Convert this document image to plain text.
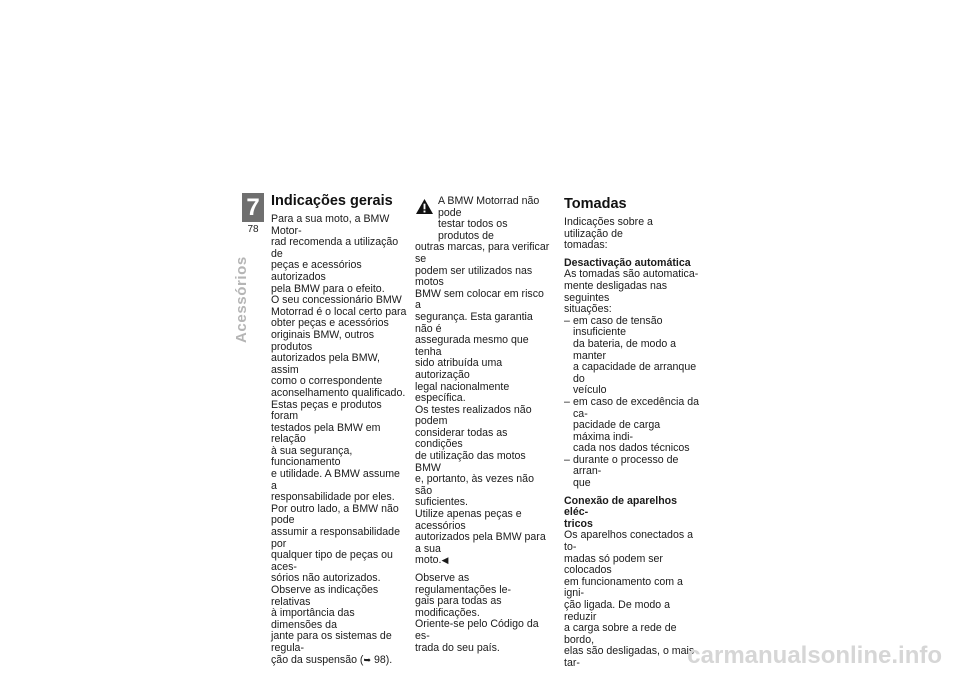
7
78
Acessórios
Indicações gerais

Para a sua moto, a BMW Motor-

rad recomenda a utilização de

peças e acessórios autorizados

pela BMW para o efeito.

O seu concessionário BMW

Motorrad é o local certo para

obter peças e acessórios

originais BMW, outros produtos

autorizados pela BMW, assim

como o correspondente

aconselhamento qualificado.

Estas peças e produtos foram

testados pela BMW em relação

à sua segurança, funcionamento

e utilidade. A BMW assume a

responsabilidade por eles.

Por outro lado, a BMW não pode

assumir a responsabilidade por

qualquer tipo de peças ou aces-

sórios não autorizados.

Observe as indicações relativas

à importância das dimensões da

jante para os sistemas de regula-

ção da suspensão (➥ 98).

A BMW Motorrad não pode

testar todos os produtos de

outras marcas, para verificar se

podem ser utilizados nas motos

BMW sem colocar em risco a

segurança. Esta garantia não é

assegurada mesmo que tenha

sido atribuída uma autorização

legal nacionalmente específica.

Os testes realizados não podem

considerar todas as condições

de utilização das motos BMW

e, portanto, às vezes não são

suficientes.

Utilize apenas peças e acessórios

autorizados pela BMW para a sua

moto.◀

Observe as regulamentações le-

gais para todas as modificações.

Oriente-se pelo Código da es-

trada do seu país.

Tomadas

Indicações sobre a utilização de

tomadas:

Desactivação automática

As tomadas são automatica-

mente desligadas nas seguintes

situações:

– em caso de tensão insuficiente
da bateria, de modo a manter
a capacidade de arranque do
veículo
– em caso de excedência da ca-
pacidade de carga máxima indi-
cada nos dados técnicos
– durante o processo de arran-
que
Conexão de aparelhos eléc-
tricos

Os aparelhos conectados a to-

madas só podem ser colocados

em funcionamento com a igni-

ção ligada. De modo a reduzir

a carga sobre a rede de bordo,

elas são desligadas, o mais tar-	carmanualsonline.info
